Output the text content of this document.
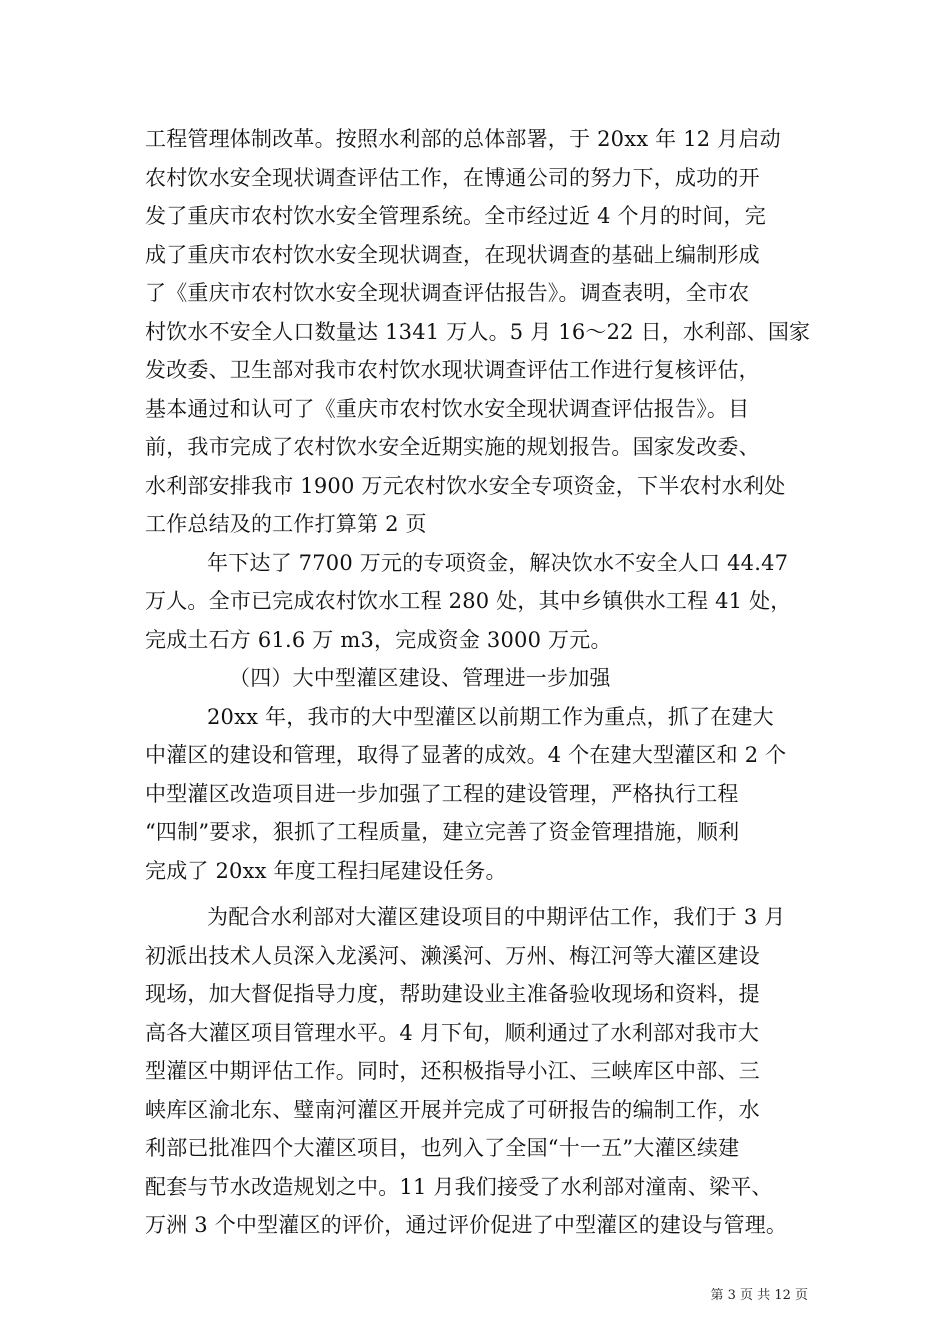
工程管理体制改革。按照水利部的总体部署，于 20xx 年 12 月启动
农村饮水安全现状调查评估工作，在博通公司的努力下，成功的开
发了重庆市农村饮水安全管理系统。全市经过近 4 个月的时间，完
成了重庆市农村饮水安全现状调查，在现状调查的基础上编制形成
了《重庆市农村饮水安全现状调查评估报告》。调查表明，全市农
村饮水不安全人口数量达 1341 万人。5 月 16～22 日，水利部、国家
发改委、卫生部对我市农村饮水现状调查评估工作进行复核评估，
基本通过和认可了《重庆市农村饮水安全现状调查评估报告》。目
前，我市完成了农村饮水安全近期实施的规划报告。国家发改委、
水利部安排我市 1900 万元农村饮水安全专项资金，下半农村水利处
工作总结及的工作打算第 2 页
年下达了 7700 万元的专项资金，解决饮水不安全人口 44.47
万人。全市已完成农村饮水工程 280 处，其中乡镇供水工程 41 处，
完成土石方 61.6 万 m3，完成资金 3000 万元。
（四）大中型灌区建设、管理进一步加强
20xx 年，我市的大中型灌区以前期工作为重点，抓了在建大
中灌区的建设和管理，取得了显著的成效。4 个在建大型灌区和 2 个
中型灌区改造项目进一步加强了工程的建设管理，严格执行工程
“四制”要求，狠抓了工程质量，建立完善了资金管理措施，顺利
完成了 20xx 年度工程扫尾建设任务。
为配合水利部对大灌区建设项目的中期评估工作，我们于 3 月
初派出技术人员深入龙溪河、濑溪河、万州、梅江河等大灌区建设
现场，加大督促指导力度，帮助建设业主准备验收现场和资料，提
高各大灌区项目管理水平。4 月下旬，顺利通过了水利部对我市大
型灌区中期评估工作。同时，还积极指导小江、三峡库区中部、三
峡库区渝北东、璧南河灌区开展并完成了可研报告的编制工作，水
利部已批准四个大灌区项目，也列入了全国“十一五”大灌区续建
配套与节水改造规划之中。11 月我们接受了水利部对潼南、梁平、
万洲 3 个中型灌区的评价，通过评价促进了中型灌区的建设与管理。
第 3 页 共 12 页
